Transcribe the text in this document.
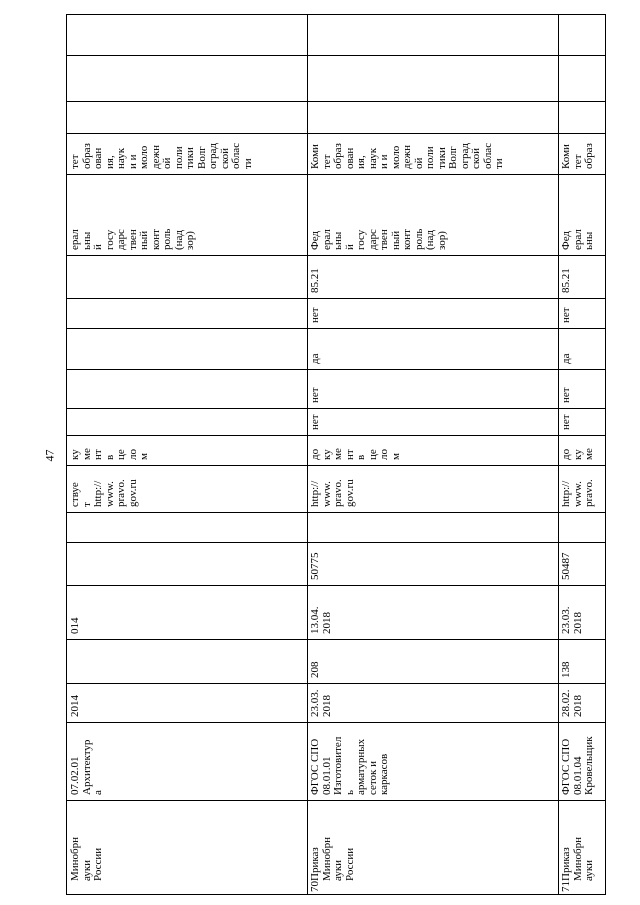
47
тет
образ
ован
ия,
наук
и и
моло
дежн
ой
поли
тики
Волг
оград
ской
облас
ти
ерал
ьны
й
госу
дарс
твен
ный
конт
роль
(над
зор)
ствуе
т
http://
www.
pravo.
gov.ru
ку
ме
нт
в
це
ло
м
014
2014
07.02.01
Архитектур
а
Минобрн
ауки
России
Коми
тет
образ
ован
ия,
наук
и и
моло
дежн
ой
поли
тики
Волг
оград
ской
облас
ти
Фед
ерал
ьны
й
госу
дарс
твен
ный
конт
роль
(над
зор)
85.21
нет
да
нет
нет
до
ку
ме
нт
в
це
ло
м
http://
www.
pravo.
gov.ru
50775
13.04.
2018
208
23.03.
2018
ФГОС СПО
08.01.01
Изготовител
ь
арматурных
сеток и
каркасов
Приказ
Минобрн
ауки
России
70
Коми
тет
образ
Фед
ерал
ьны
85.21
нет
да
нет
нет
до
ку
ме
http://
www.
pravo.
50487
23.03.
2018
138
28.02.
2018
ФГОС СПО
08.01.04
Кровельщик
Приказ
Минобрн
ауки
71
